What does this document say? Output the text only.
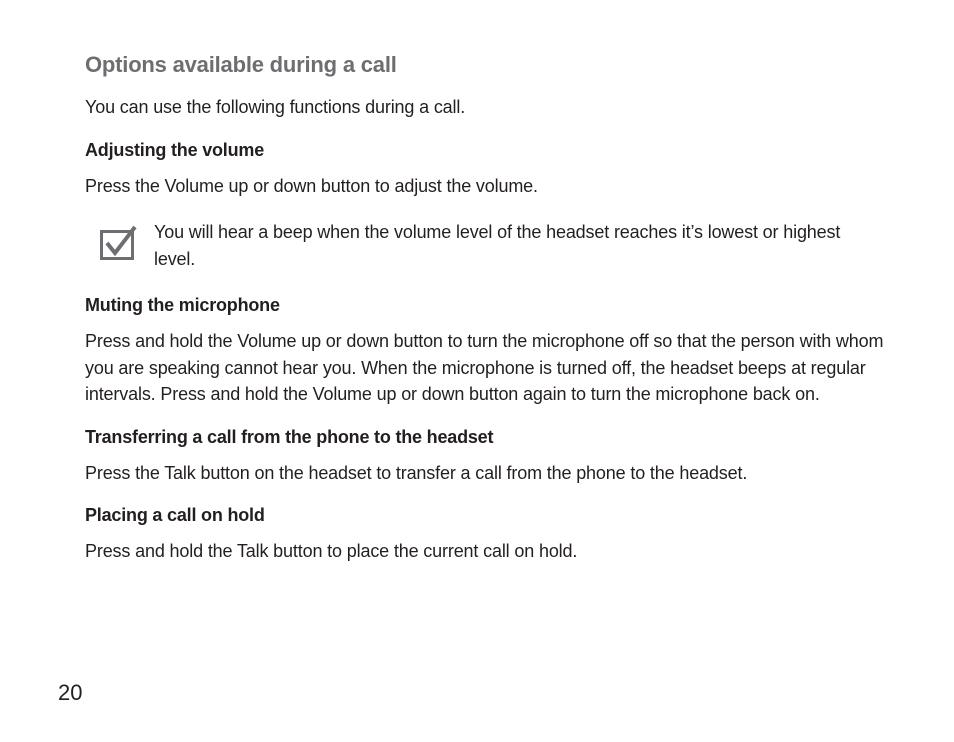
Options available during a call

You can use the following functions during a call.

Adjusting the volume

Press the Volume up or down button to adjust the volume.

You will hear a beep when the volume level of the headset reaches it’s lowest or highest level.

Muting the microphone

Press and hold the Volume up or down button to turn the microphone off so that the person with whom you are speaking cannot hear you. When the microphone is turned off, the headset beeps at regular intervals. Press and hold the Volume up or down button again to turn the microphone back on.

Transferring a call from the phone to the headset

Press the Talk button on the headset to transfer a call from the phone to the headset.

Placing a call on hold

Press and hold the Talk button to place the current call on hold.

20
